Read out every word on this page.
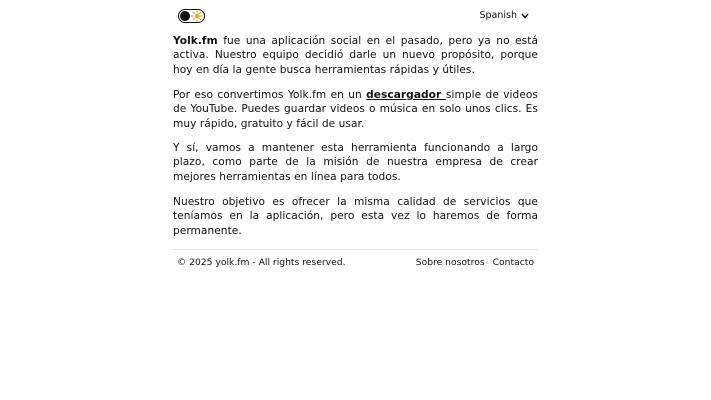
Spanish

Yolk.fm fue una aplicación social en el pasado, pero ya no está activa. Nuestro equipo decidió darle un nuevo propósito, porque hoy en día la gente busca herramientas rápidas y útiles.

Por eso convertimos Yolk.fm en un descargador simple de videos de YouTube. Puedes guardar videos o música en solo unos clics. Es muy rápido, gratuito y fácil de usar.

Y sí, vamos a mantener esta herramienta funcionando a largo plazo, como parte de la misión de nuestra empresa de crear mejores herramientas en línea para todos.

Nuestro objetivo es ofrecer la misma calidad de servicios que teníamos en la aplicación, pero esta vez lo haremos de forma permanente.

© 2025 yolk.fm - All rights reserved.	Sobre nosotros Contacto
